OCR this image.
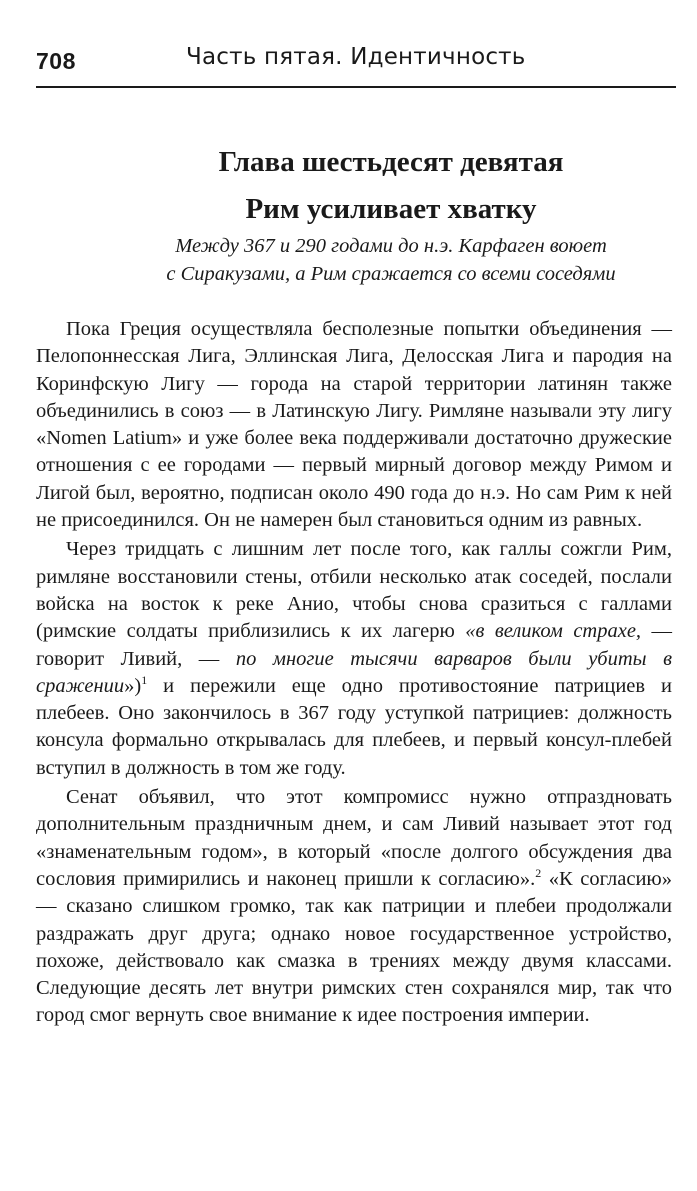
708	Часть пятая. Идентичность
Глава шестьдесят девятая
Рим усиливает хватку
Между 367 и 290 годами до н.э. Карфаген воюет
с Сиракузами, а Рим сражается со всеми соседями

Пока Греция осуществляла бесполезные попытки объединения — Пелопоннесская Лига, Эллинская Лига, Делосская Лига и пародия на Коринфскую Лигу — города на старой территории латинян также объединились в союз — в Латинскую Лигу. Римляне называли эту лигу «Nomen Latium» и уже более века поддерживали достаточно дружеские отношения с ее городами — первый мирный договор между Римом и Лигой был, вероятно, подписан около 490 года до н.э. Но сам Рим к ней не присоединился. Он не намерен был становиться одним из равных.

Через тридцать с лишним лет после того, как галлы сожгли Рим, римляне восстановили стены, отбили несколько атак соседей, послали войска на восток к реке Анио, чтобы снова сразиться с галлами (римские солдаты приблизились к их лагерю «в великом страхе, — говорит Ливий, — по многие тысячи варваров были убиты в сражении»)$^1$ и пережили еще одно противостояние патрициев и плебеев. Оно закончилось в 367 году уступкой патрициев: должность консула формально открывалась для плебеев, и первый консул-плебей вступил в должность в том же году.

Сенат объявил, что этот компромисс нужно отпраздновать дополнительным праздничным днем, и сам Ливий называет этот год «знаменательным годом», в который «после долгого обсуждения два сословия примирились и наконец пришли к согласию».$^2$ «К согласию» — сказано слишком громко, так как патриции и плебеи продолжали раздражать друг друга; однако новое государственное устройство, похоже, действовало как смазка в трениях между двумя классами. Следующие десять лет внутри римских стен сохранялся мир, так что город смог вернуть свое внимание к идее построения империи.
